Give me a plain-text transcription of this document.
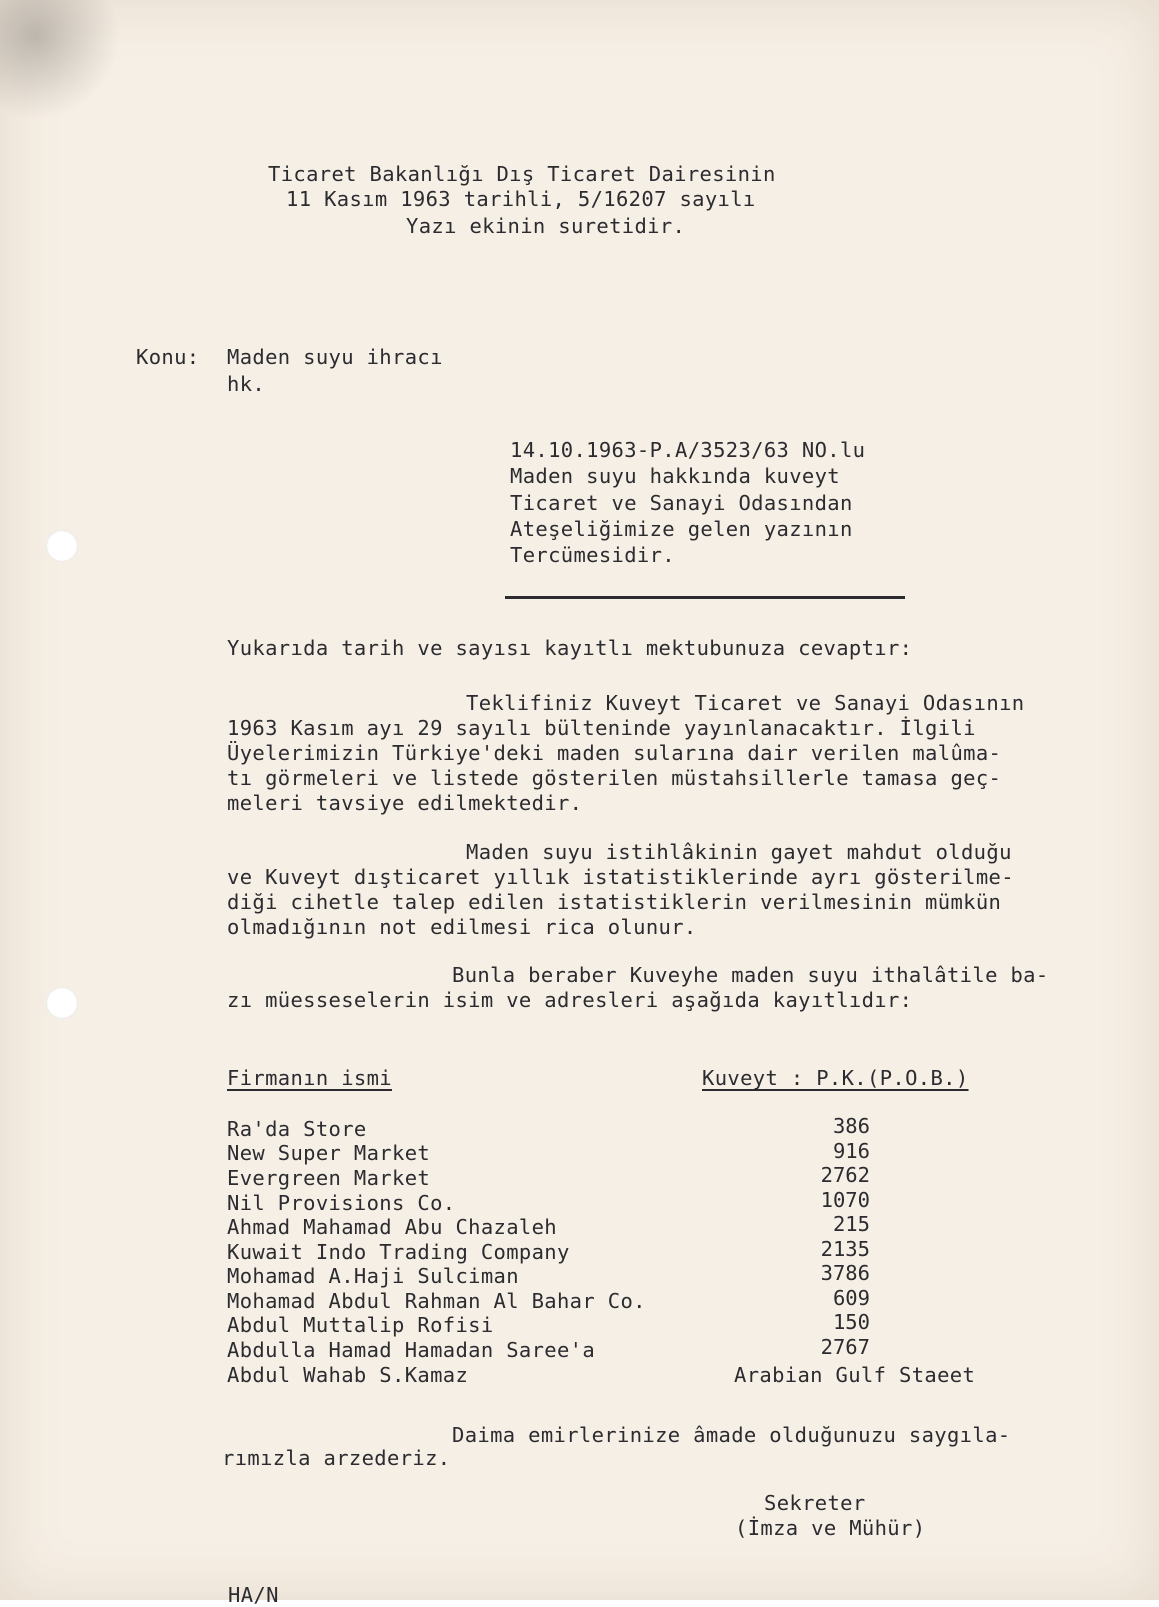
Ticaret Bakanlığı Dış Ticaret Dairesinin
11 Kasım 1963 tarihli, 5/16207 sayılı
Yazı ekinin suretidir.
Konu: Maden suyu ihracı
hk.
14.10.1963-P.A/3523/63 NO.lu
Maden suyu hakkında kuveyt
Ticaret ve Sanayi Odasından
Ateşeliğimize gelen yazının
Tercümesidir.
Yukarıda tarih ve sayısı kayıtlı mektubunuza cevaptır:
Teklifiniz Kuveyt Ticaret ve Sanayi Odasının
1963 Kasım ayı 29 sayılı bülteninde yayınlanacaktır. İlgili
Üyelerimizin Türkiye'deki maden sularına dair verilen malûma-
tı görmeleri ve listede gösterilen müstahsillerle tamasa geç-
meleri tavsiye edilmektedir.
Maden suyu istihlâkinin gayet mahdut olduğu
ve Kuveyt dışticaret yıllık istatistiklerinde ayrı gösterilme-
diği cihetle talep edilen istatistiklerin verilmesinin mümkün
olmadığının not edilmesi rica olunur.
Bunla beraber Kuveyhe maden suyu ithalâtile ba-
zı müesseselerin isim ve adresleri aşağıda kayıtlıdır:
Firmanın ismi	Kuveyt : P.K.(P.O.B.)
Ra'da Store	386
New Super Market	916
Evergreen Market	2762
Nil Provisions Co.	1070
Ahmad Mahamad Abu Chazaleh	215
Kuwait Indo Trading Company	2135
Mohamad A.Haji Sulciman	3786
Mohamad Abdul Rahman Al Bahar Co.	609
Abdul Muttalip Rofisi	150
Abdulla Hamad Hamadan Saree'a	2767
Abdul Wahab S.Kamaz	Arabian Gulf Staeet
Daima emirlerinize âmade olduğunuzu saygıla-
rımızla arzederiz.
Sekreter
(İmza ve Mühür)
HA/N
